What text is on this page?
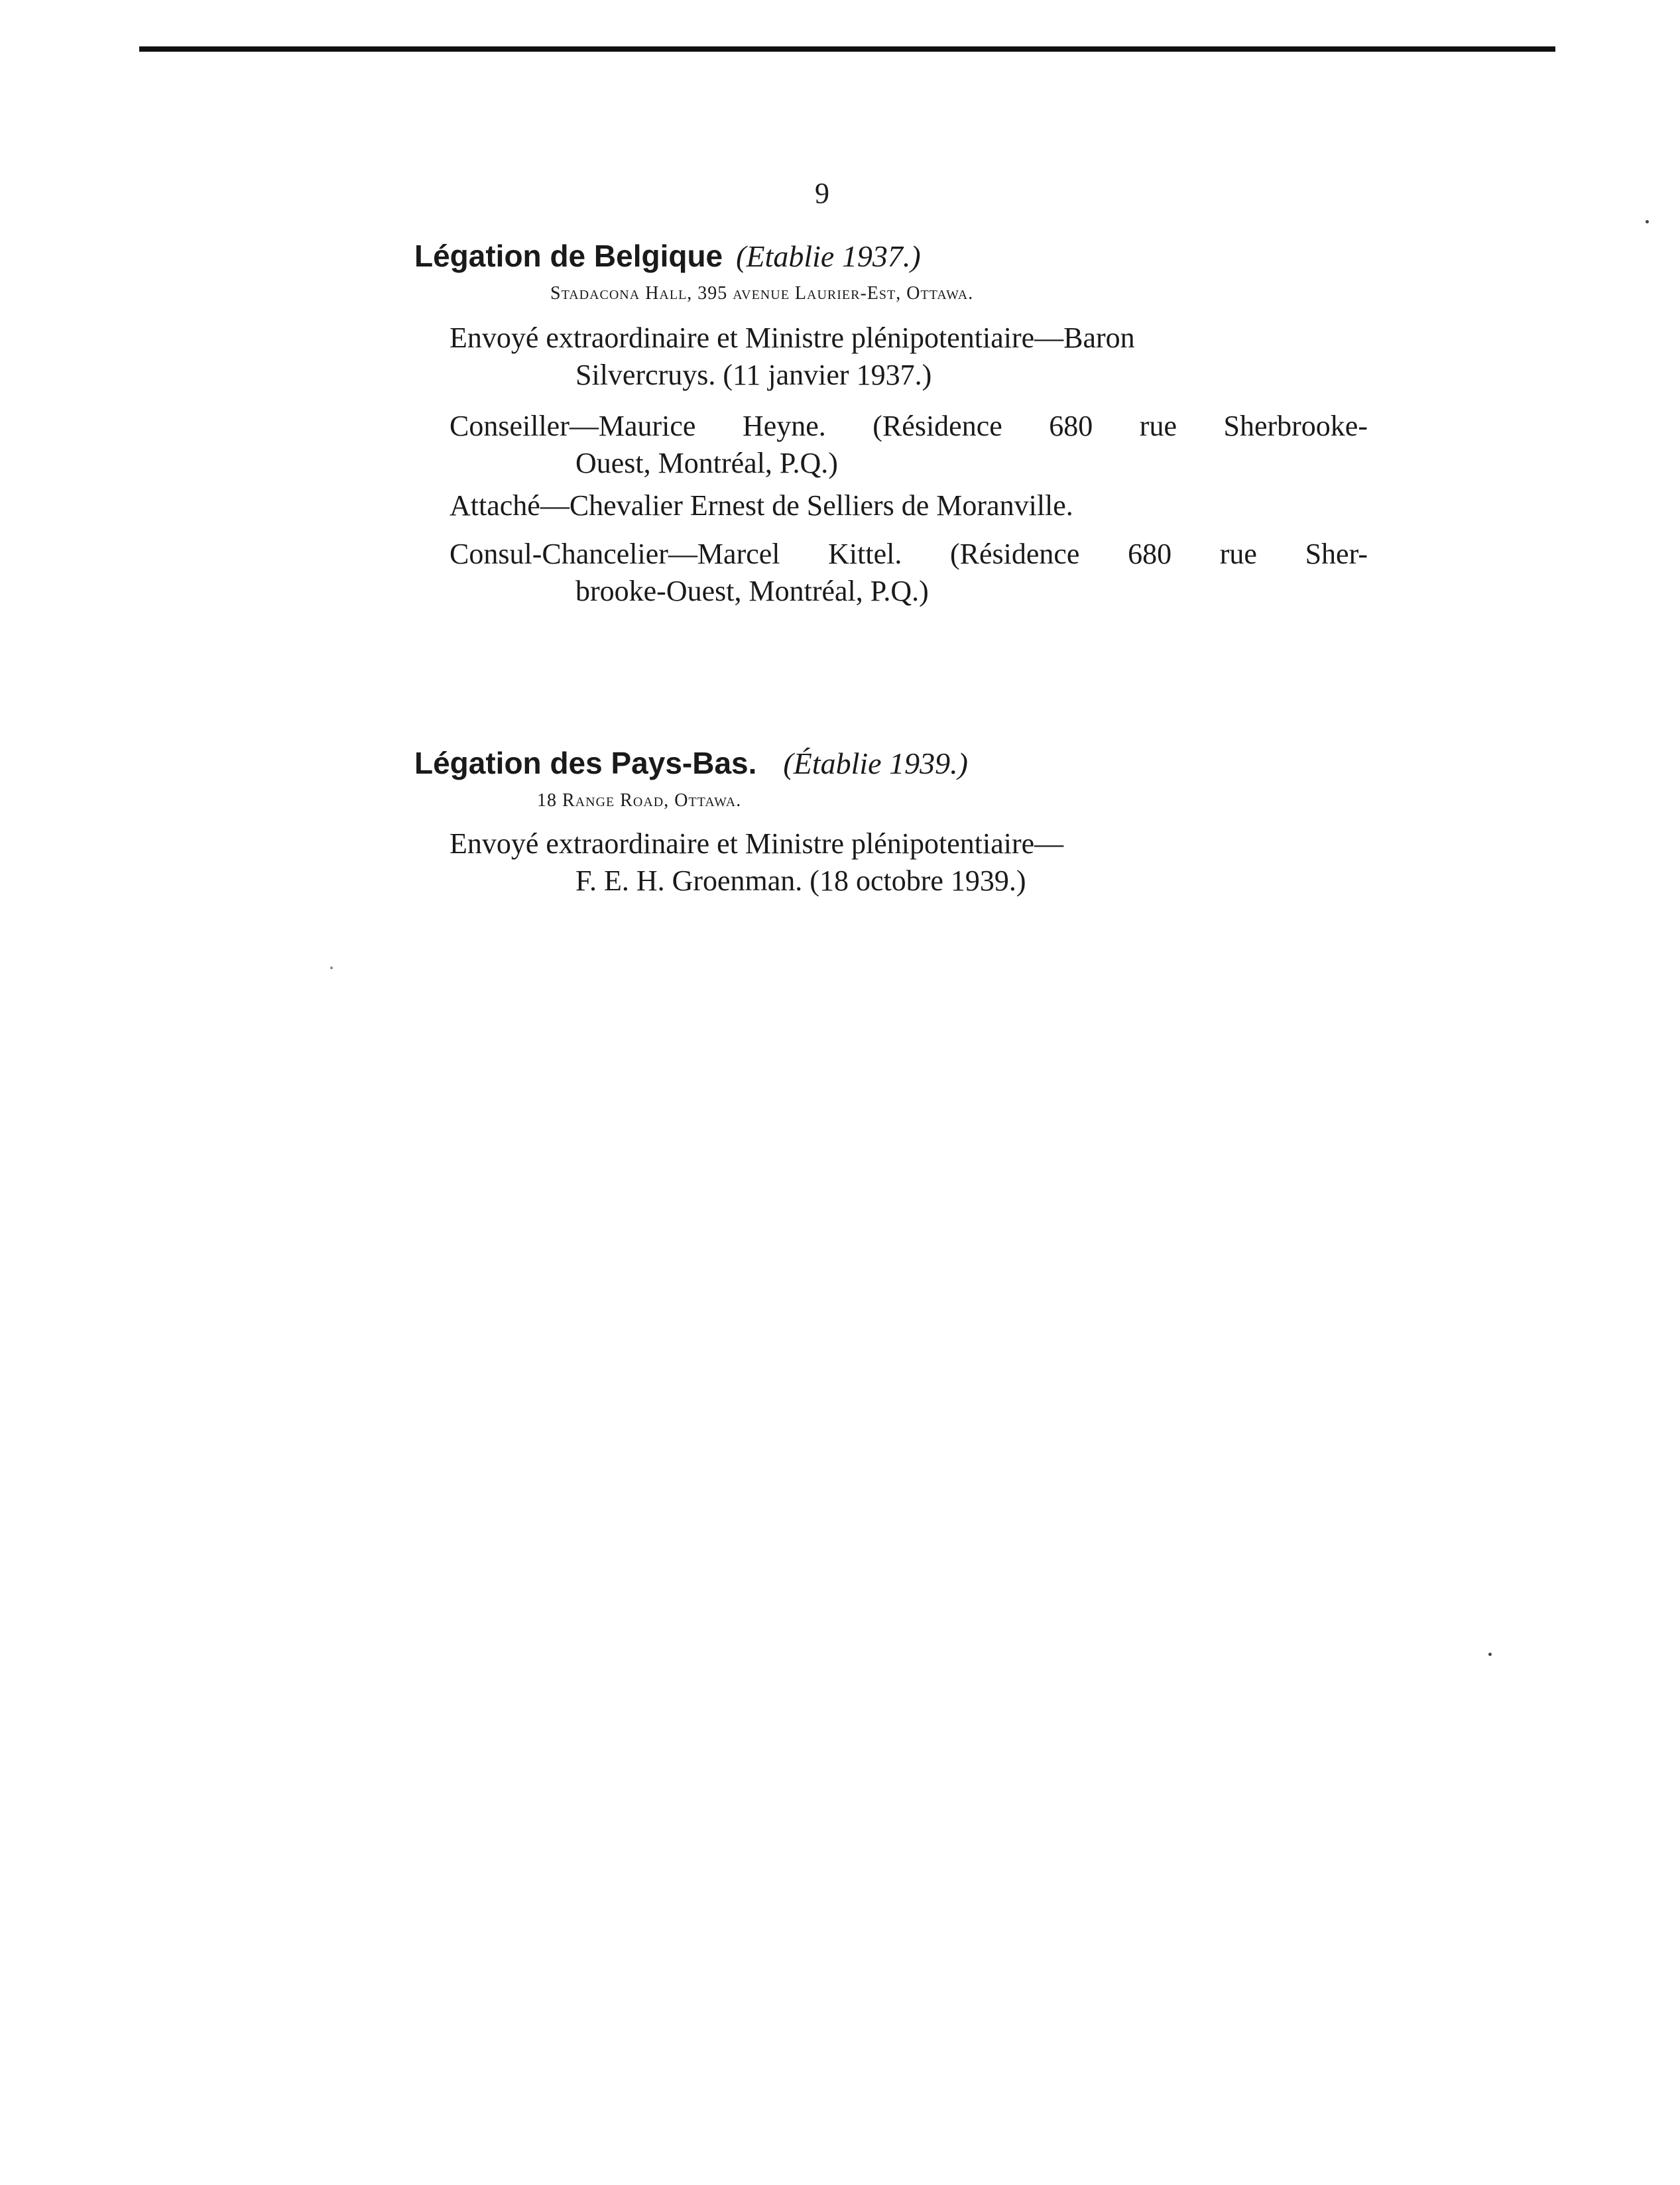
9
Légation de Belgique (Etablie 1937.)
Stadacona Hall, 395 avenue Laurier-Est, Ottawa.
Envoyé extraordinaire et Ministre plénipotentiaire—Baron
Silvercruys. (11 janvier 1937.)
Conseiller—Maurice Heyne. (Résidence 680 rue Sherbrooke-
Ouest, Montréal, P.Q.)
Attaché—Chevalier Ernest de Selliers de Moranville.
Consul-Chancelier—Marcel Kittel. (Résidence 680 rue Sher-
brooke-Ouest, Montréal, P.Q.)
Légation des Pays-Bas. (Établie 1939.)
18 Range Road, Ottawa.
Envoyé extraordinaire et Ministre plénipotentiaire—
F. E. H. Groenman. (18 octobre 1939.)
